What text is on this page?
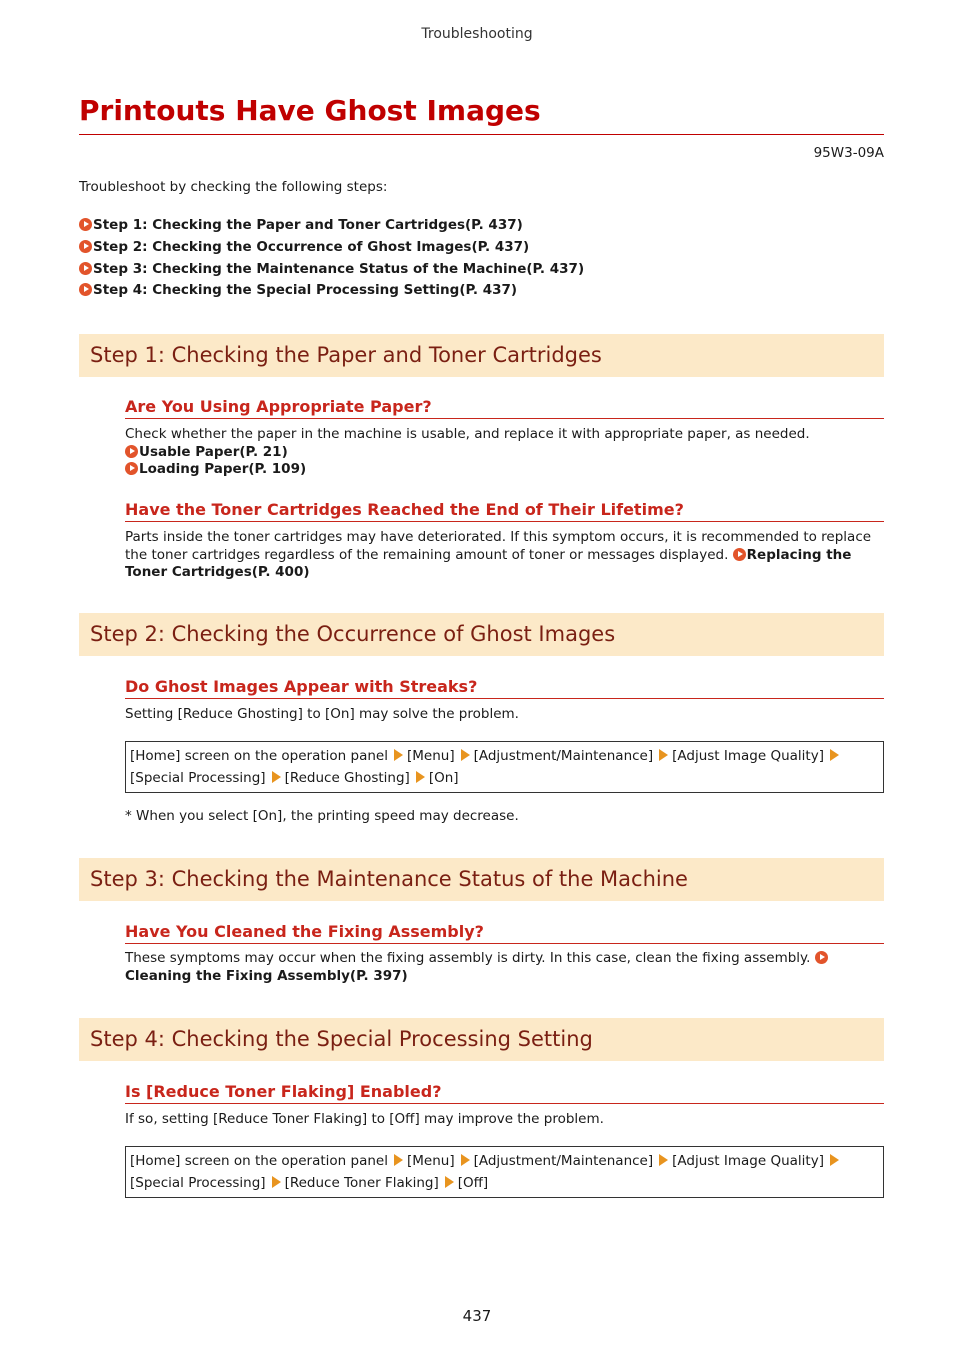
Troubleshooting
Printouts Have Ghost Images
95W3-09A
Troubleshoot by checking the following steps:
Step 1: Checking the Paper and Toner Cartridges(P. 437)
Step 2: Checking the Occurrence of Ghost Images(P. 437)
Step 3: Checking the Maintenance Status of the Machine(P. 437)
Step 4: Checking the Special Processing Setting(P. 437)
Step 1: Checking the Paper and Toner Cartridges
Are You Using Appropriate Paper?
Check whether the paper in the machine is usable, and replace it with appropriate paper, as needed.
Usable Paper(P. 21)
Loading Paper(P. 109)
Have the Toner Cartridges Reached the End of Their Lifetime?
Parts inside the toner cartridges may have deteriorated. If this symptom occurs, it is recommended to replace the toner cartridges regardless of the remaining amount of toner or messages displayed. Replacing the Toner Cartridges(P. 400)
Step 2: Checking the Occurrence of Ghost Images
Do Ghost Images Appear with Streaks?
Setting [Reduce Ghosting] to [On] may solve the problem.
[Home] screen on the operation panel [Menu] [Adjustment/Maintenance] [Adjust Image Quality]
[Special Processing] [Reduce Ghosting] [On]
* When you select [On], the printing speed may decrease.
Step 3: Checking the Maintenance Status of the Machine
Have You Cleaned the Fixing Assembly?
These symptoms may occur when the fixing assembly is dirty. In this case, clean the fixing assembly. Cleaning the Fixing Assembly(P. 397)
Step 4: Checking the Special Processing Setting
Is [Reduce Toner Flaking] Enabled?
If so, setting [Reduce Toner Flaking] to [Off] may improve the problem.
[Home] screen on the operation panel [Menu] [Adjustment/Maintenance] [Adjust Image Quality]
[Special Processing] [Reduce Toner Flaking] [Off]
437
